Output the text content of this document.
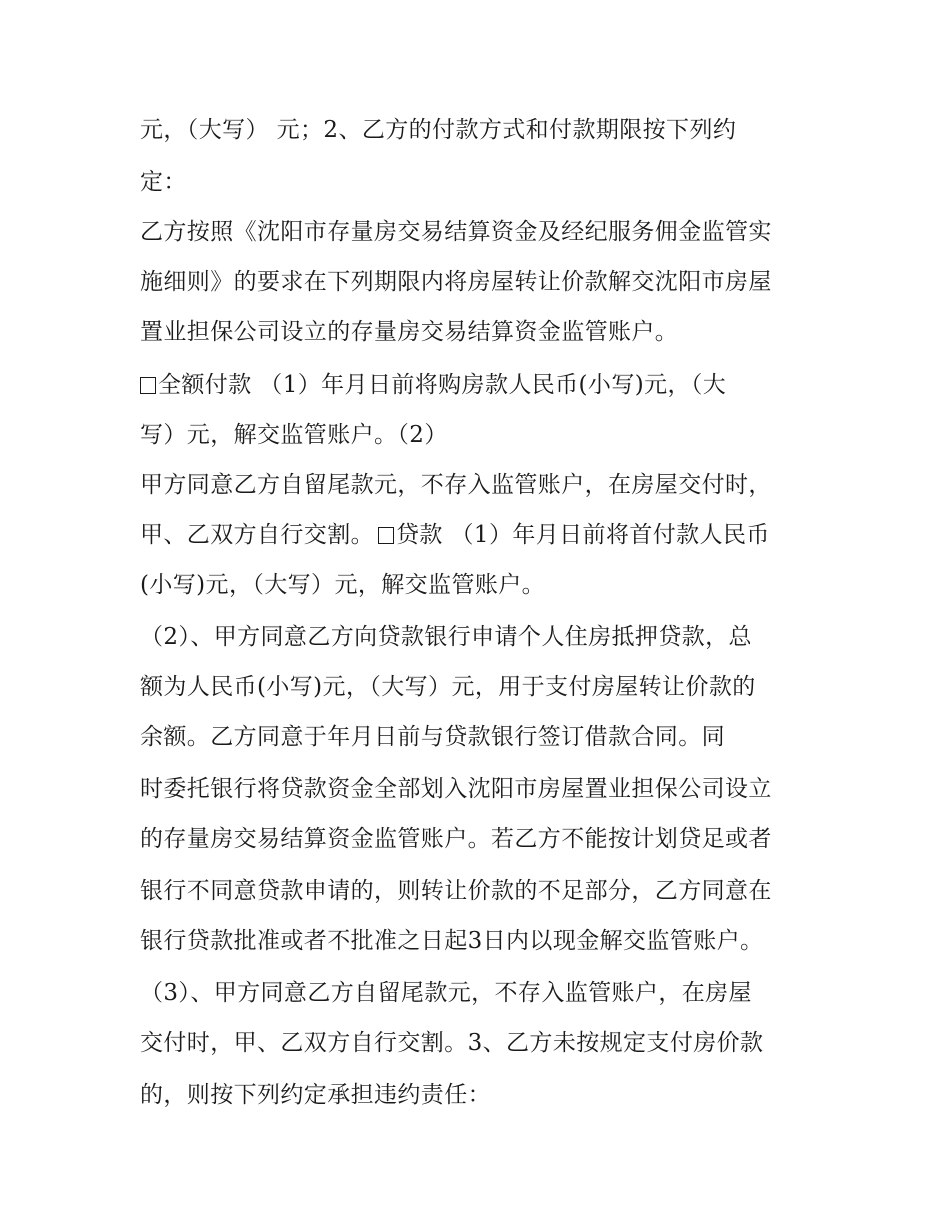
元，（大写） 元；2、乙方的付款方式和付款期限按下列约
定：
乙方按照《沈阳市存量房交易结算资金及经纪服务佣金监管实
施细则》的要求在下列期限内将房屋转让价款解交沈阳市房屋
置业担保公司设立的存量房交易结算资金监管账户。
全额付款 （1）年月日前将购房款人民币(小写)元，（大
写）元，解交监管账户。（2）
甲方同意乙方自留尾款元，不存入监管账户，在房屋交付时，
甲、乙双方自行交割。 贷款 （1）年月日前将首付款人民币
(小写)元，（大写）元，解交监管账户。
（2）、甲方同意乙方向贷款银行申请个人住房抵押贷款，总
额为人民币(小写)元，（大写）元，用于支付房屋转让价款的
余额。乙方同意于年月日前与贷款银行签订借款合同。同
时委托银行将贷款资金全部划入沈阳市房屋置业担保公司设立
的存量房交易结算资金监管账户。若乙方不能按计划贷足或者
银行不同意贷款申请的，则转让价款的不足部分，乙方同意在
银行贷款批准或者不批准之日起3日内以现金解交监管账户。
（3）、甲方同意乙方自留尾款元，不存入监管账户，在房屋
交付时，甲、乙双方自行交割。3、乙方未按规定支付房价款
的，则按下列约定承担违约责任：
